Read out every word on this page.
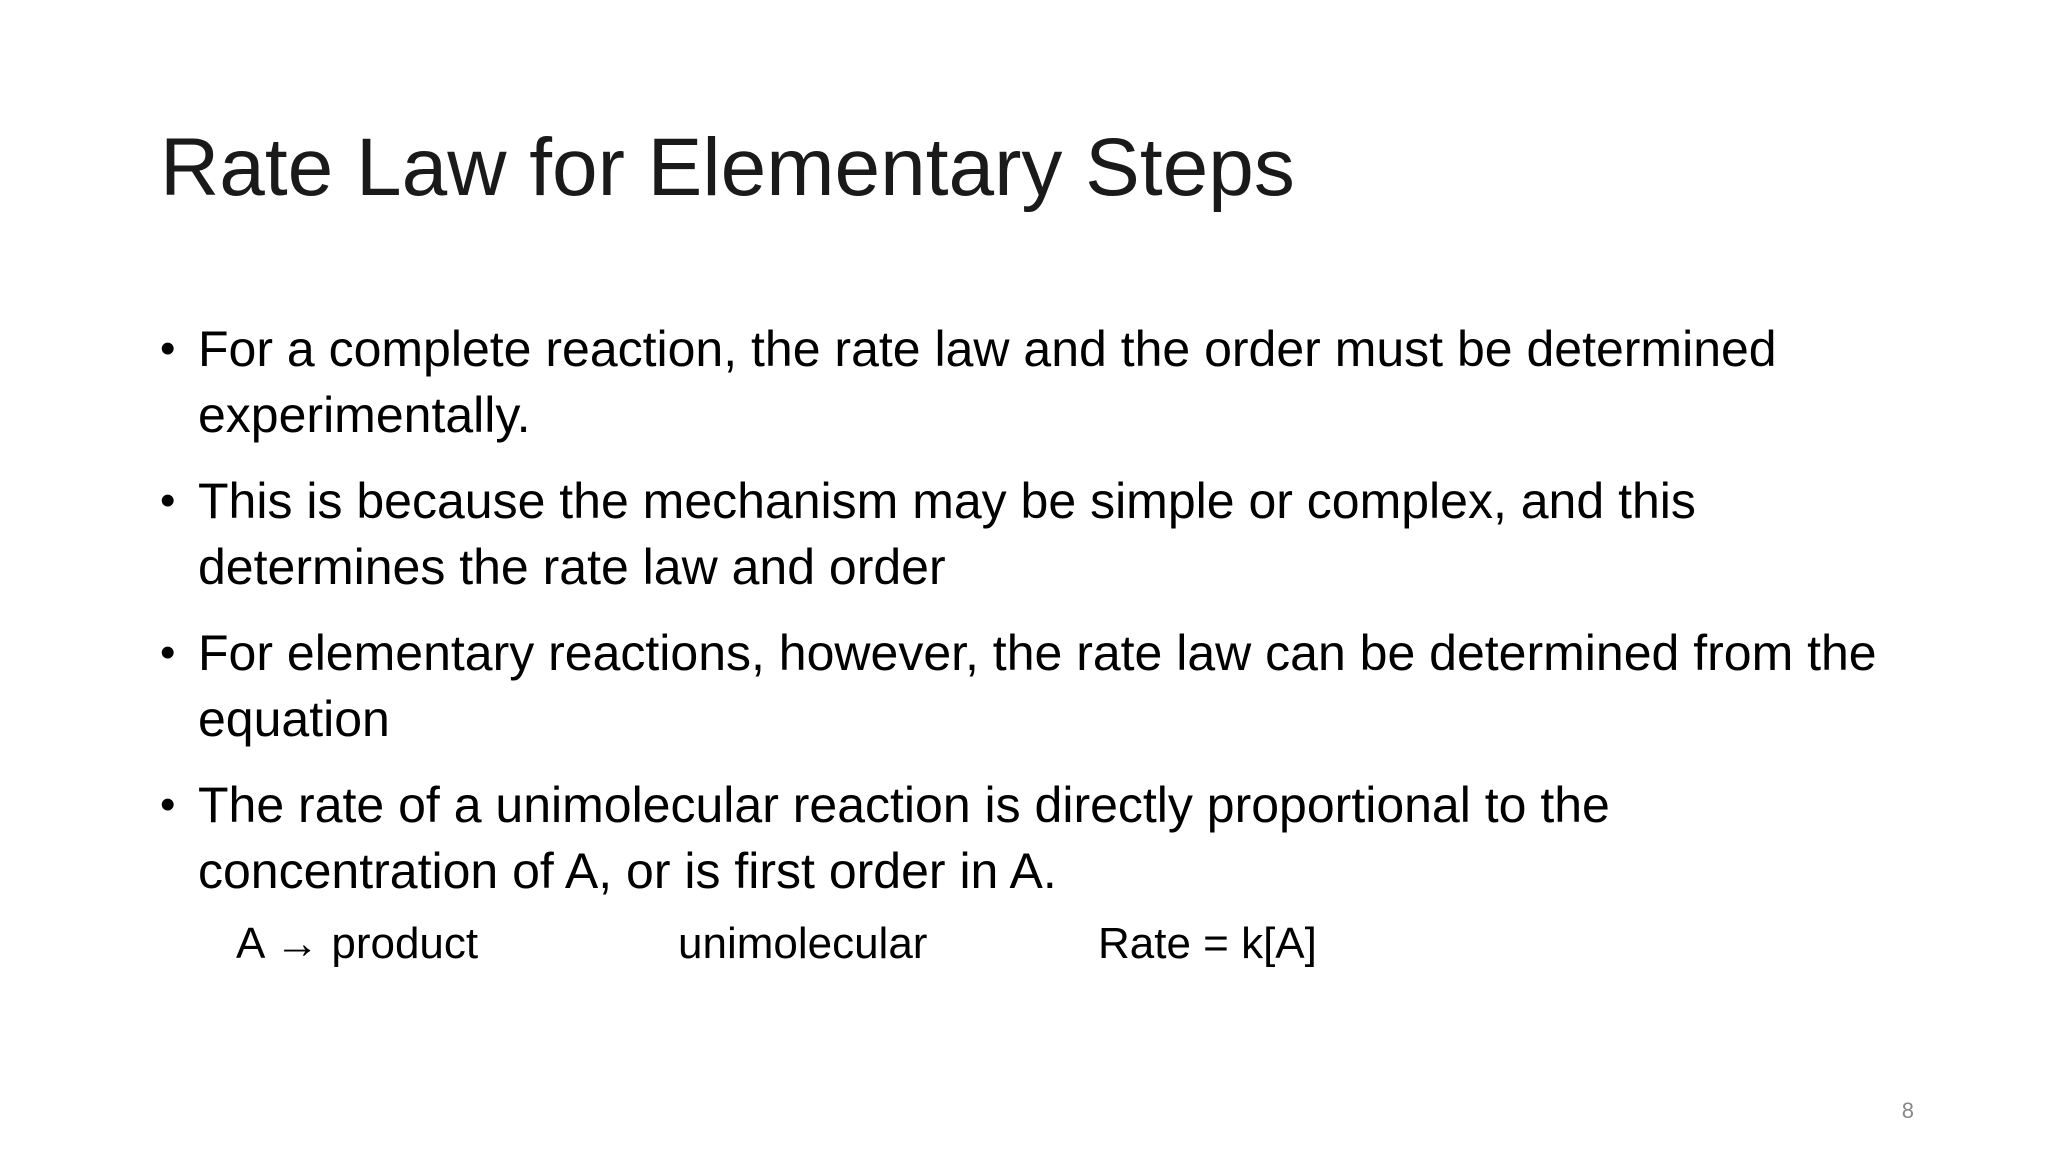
Rate Law for Elementary Steps
• For a complete reaction, the rate law and the order must be determined experimentally.
• This is because the mechanism may be simple or complex, and this determines the rate law and order
• For elementary reactions, however, the rate law can be determined from the equation
• The rate of a unimolecular reaction is directly proportional to the concentration of A, or is first order in A.
A → product	unimolecular	Rate = k[A]
8
